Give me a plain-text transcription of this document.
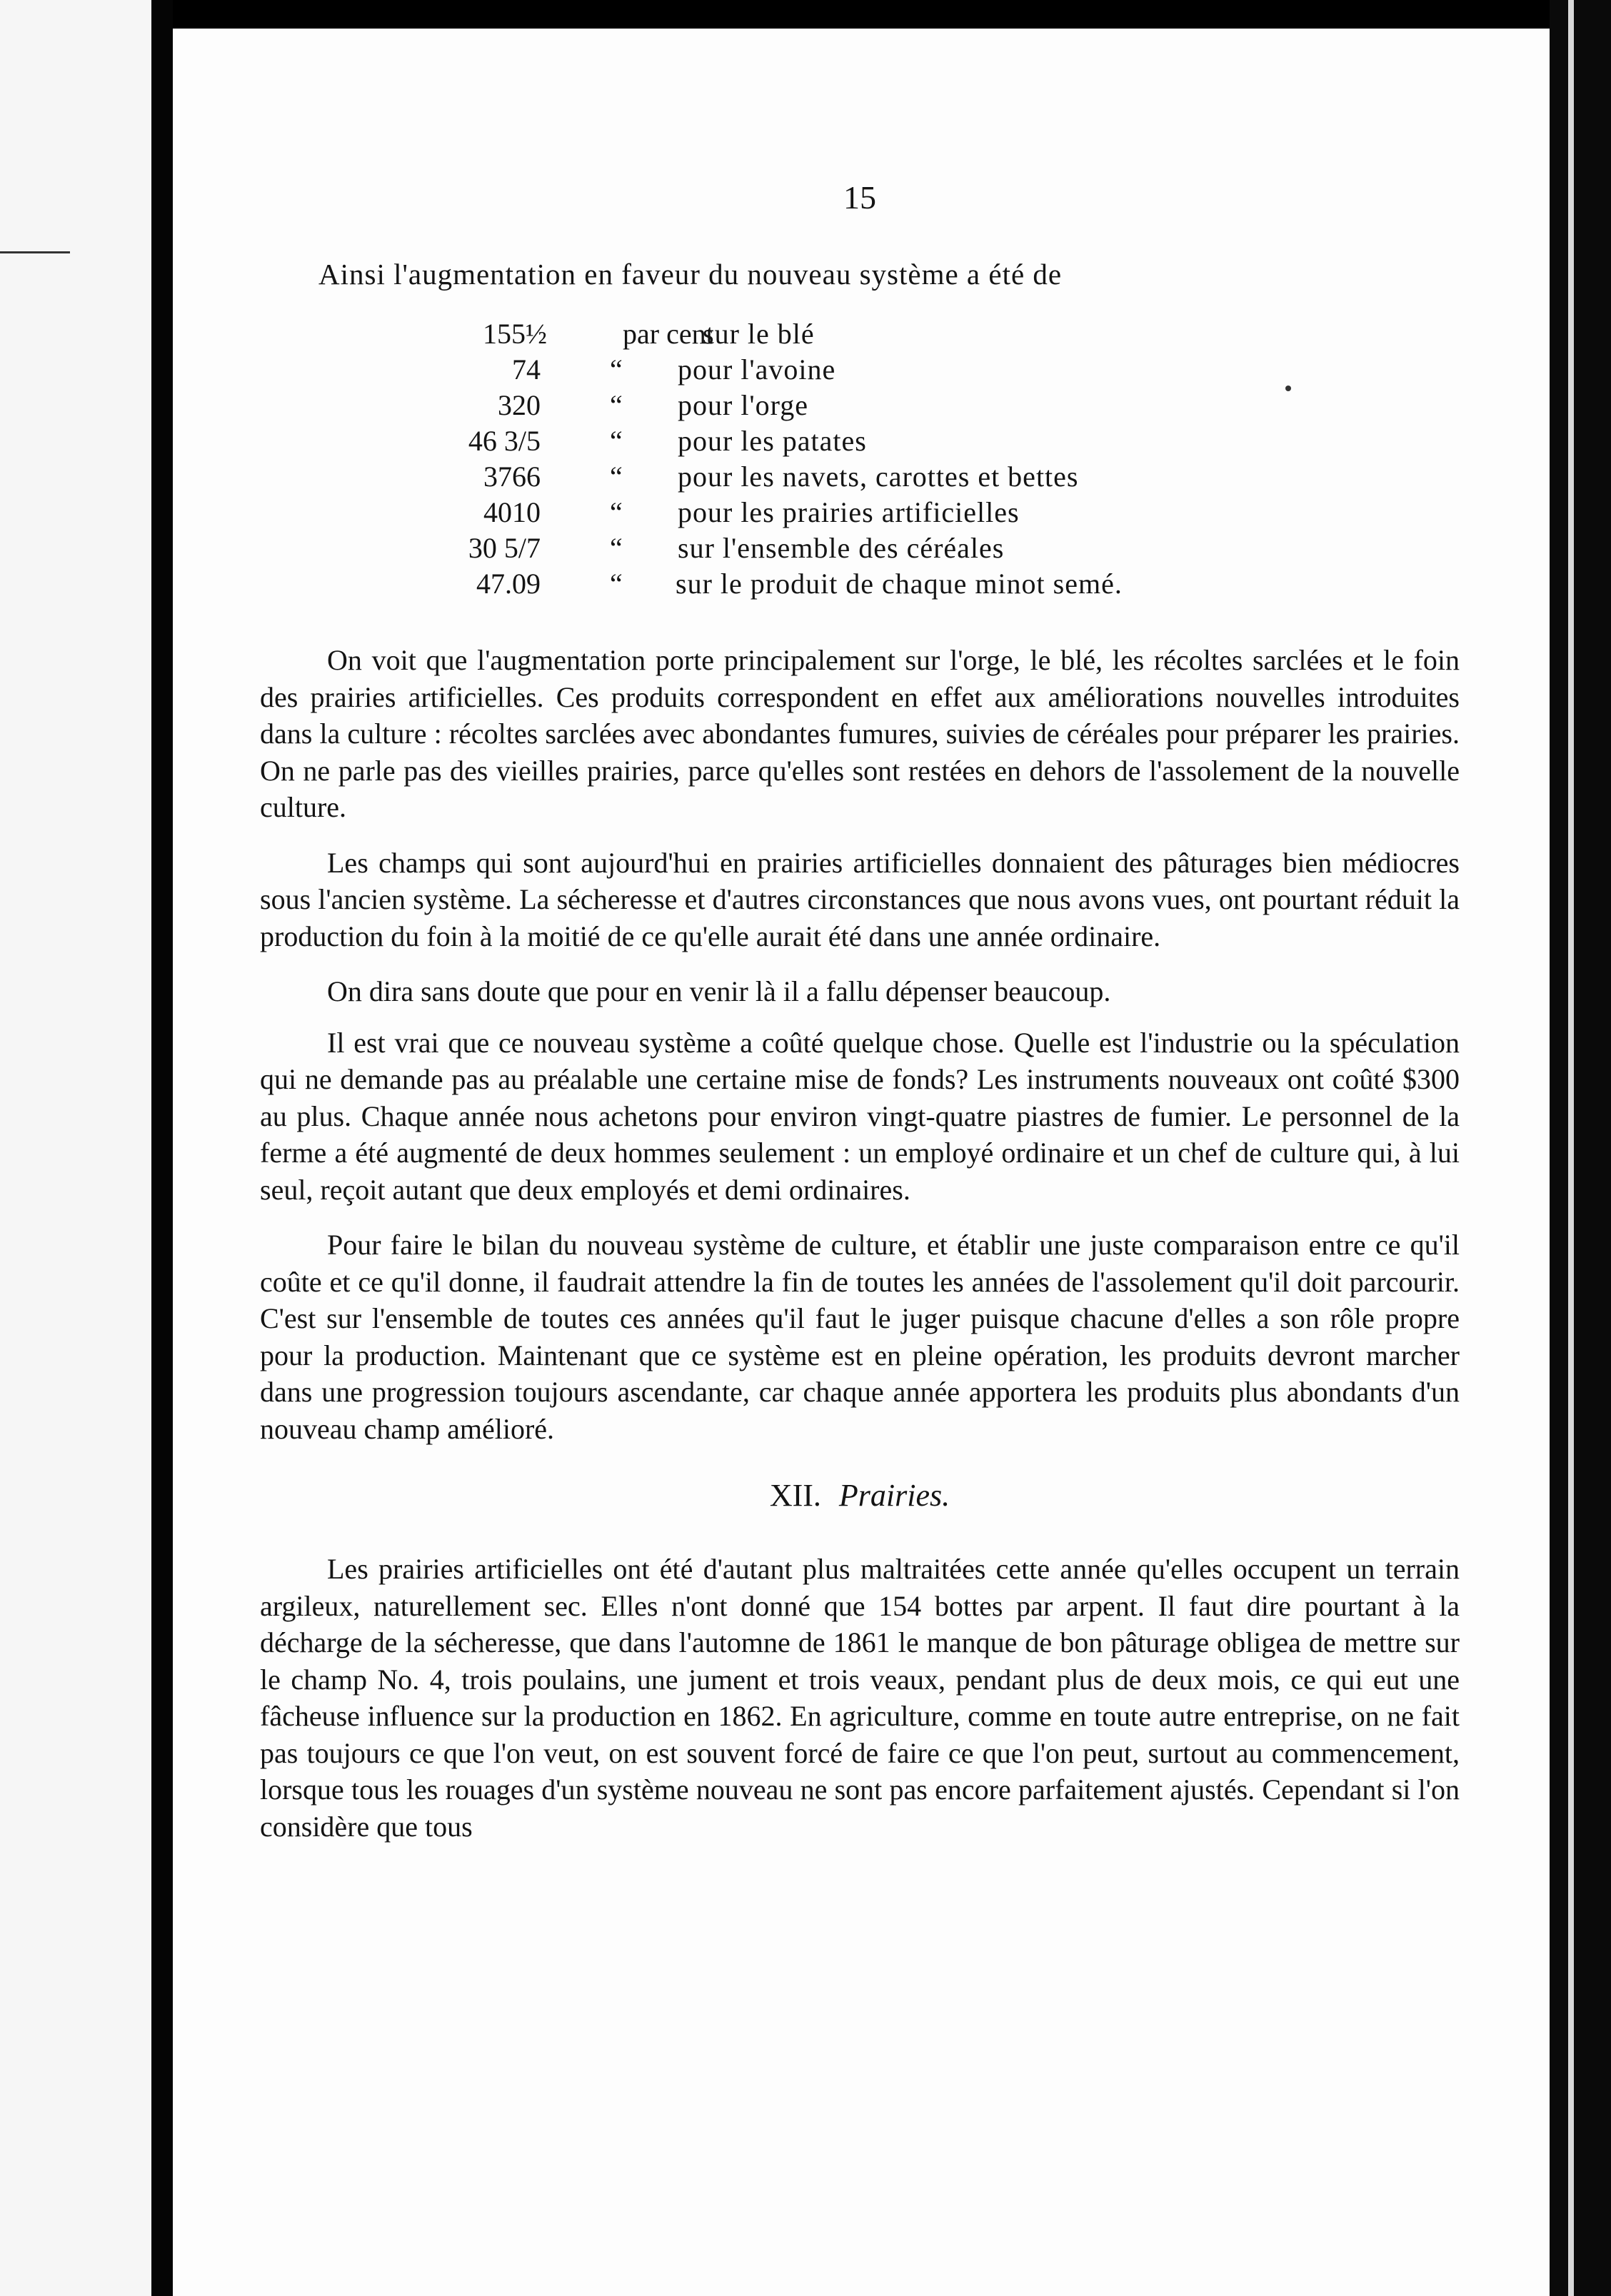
15
Ainsi l'augmentation en faveur du nouveau système a été de
155½	par cent
sur le blé
74 “ pour l'avoine
320 “ pour l'orge
46 3/5 “ pour les patates
3766 “ pour les navets, carottes et bettes
4010 “ pour les prairies artificielles
30 5/7 “ sur l'ensemble des céréales
47.09 “ sur le produit de chaque minot semé.

On voit que l'augmentation porte principalement sur l'orge, le blé, les récoltes sarclées et le foin des prairies artificielles. Ces produits correspondent en effet aux améliorations nouvelles introduites dans la culture : récoltes sarclées avec abondantes fumures, suivies de céréales pour préparer les prairies. On ne parle pas des vieilles prairies, parce qu'elles sont restées en dehors de l'assolement de la nouvelle culture.

Les champs qui sont aujourd'hui en prairies artificielles donnaient des pâturages bien médiocres sous l'ancien système. La sécheresse et d'autres circonstances que nous avons vues, ont pourtant réduit la production du foin à la moitié de ce qu'elle aurait été dans une année ordinaire.

On dira sans doute que pour en venir là il a fallu dépenser beaucoup.

Il est vrai que ce nouveau système a coûté quelque chose. Quelle est l'industrie ou la spéculation qui ne demande pas au préalable une certaine mise de fonds? Les instruments nouveaux ont coûté $300 au plus. Chaque année nous achetons pour environ vingt-quatre piastres de fumier. Le personnel de la ferme a été augmenté de deux hommes seulement : un employé ordinaire et un chef de culture qui, à lui seul, reçoit autant que deux employés et demi ordinaires.

Pour faire le bilan du nouveau système de culture, et établir une juste comparaison entre ce qu'il coûte et ce qu'il donne, il faudrait attendre la fin de toutes les années de l'assolement qu'il doit parcourir. C'est sur l'ensemble de toutes ces années qu'il faut le juger puisque chacune d'elles a son rôle propre pour la production. Maintenant que ce système est en pleine opération, les produits devront marcher dans une progression toujours ascendante, car chaque année apportera les produits plus abondants d'un nouveau champ amélioré.

XII. Prairies.

Les prairies artificielles ont été d'autant plus maltraitées cette année qu'elles occupent un terrain argileux, naturellement sec. Elles n'ont donné que 154 bottes par arpent. Il faut dire pourtant à la décharge de la sécheresse, que dans l'automne de 1861 le manque de bon pâturage obligea de mettre sur le champ No. 4, trois poulains, une jument et trois veaux, pendant plus de deux mois, ce qui eut une fâcheuse influence sur la production en 1862. En agriculture, comme en toute autre entreprise, on ne fait pas toujours ce que l'on veut, on est souvent forcé de faire ce que l'on peut, surtout au commencement, lorsque tous les rouages d'un système nouveau ne sont pas encore parfaitement ajustés. Cependant si l'on considère que tous
